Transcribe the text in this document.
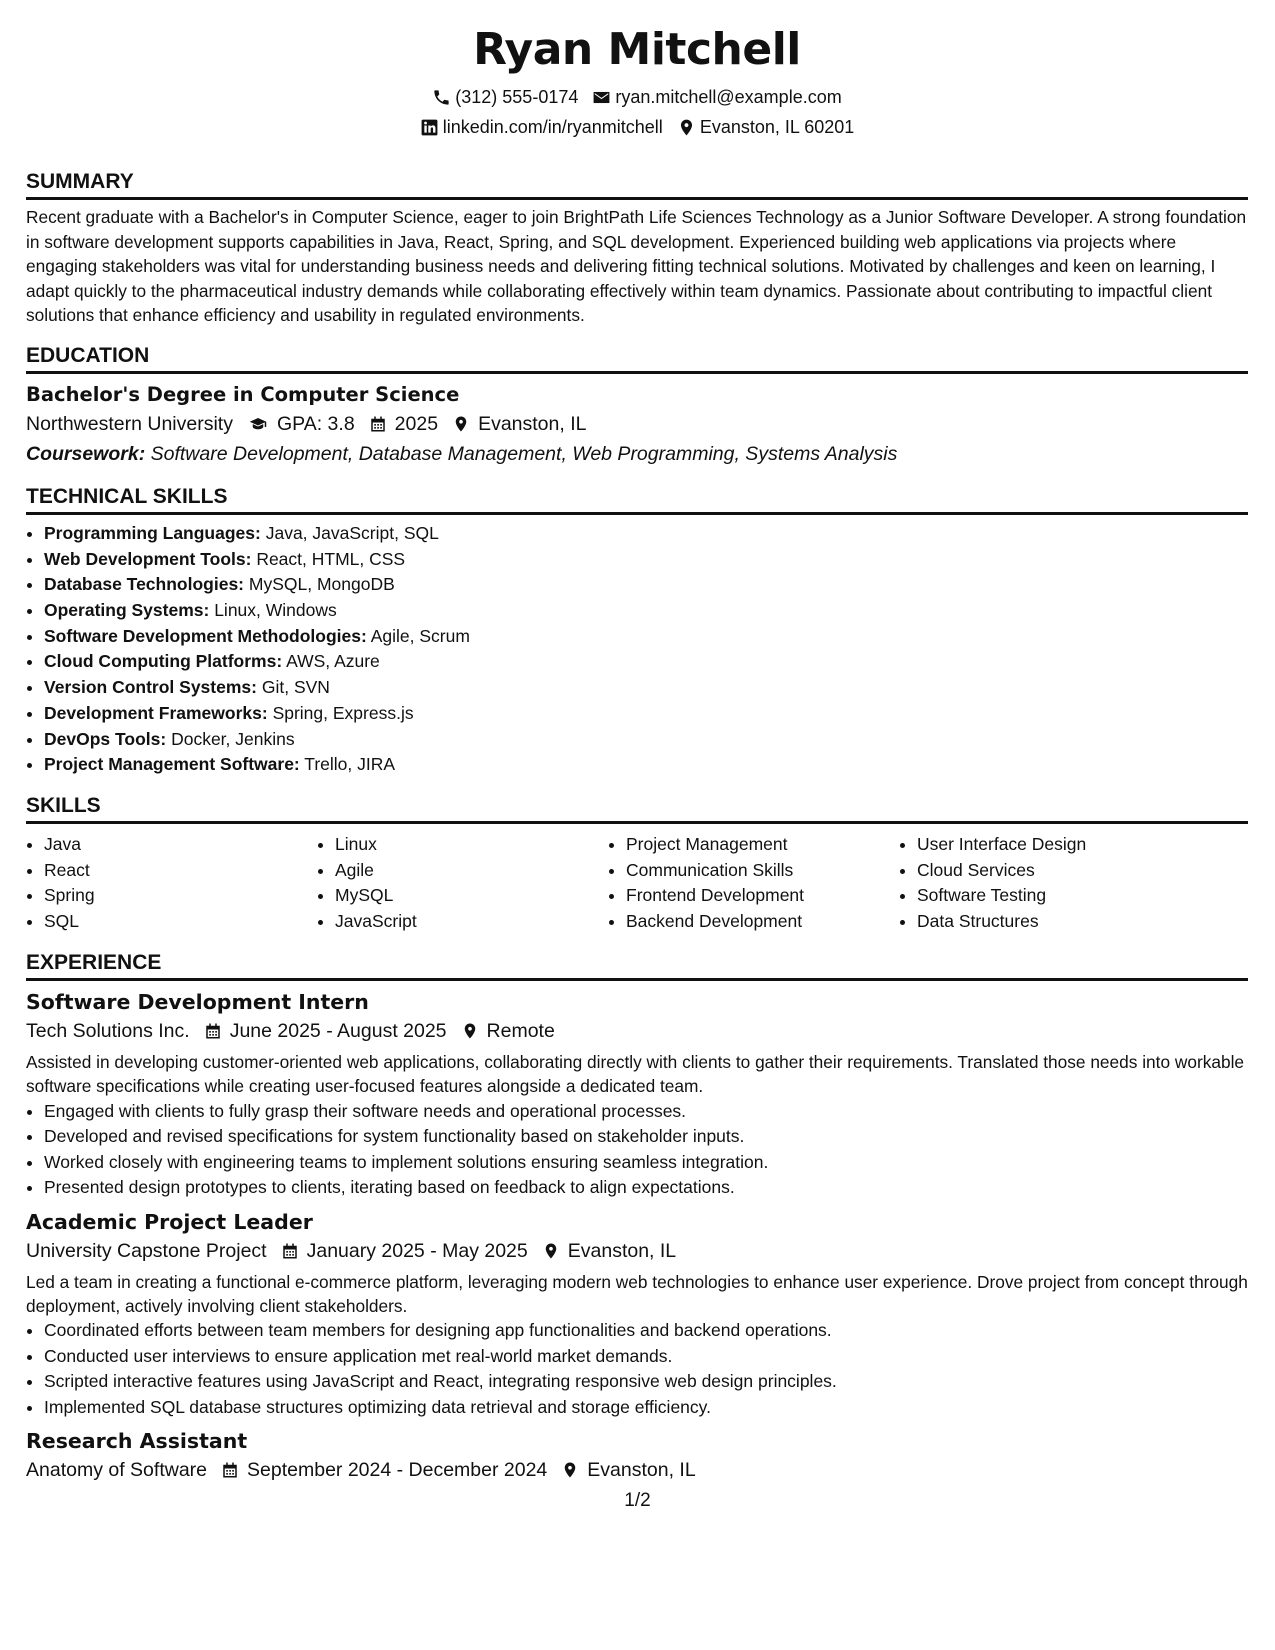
Ryan Mitchell
(312) 555-0174 ryan.mitchell@example.com
linkedin.com/in/ryanmitchell Evanston, IL 60201
SUMMARY
Recent graduate with a Bachelor's in Computer Science, eager to join BrightPath Life Sciences Technology as a Junior Software Developer. A strong foundation in software development supports capabilities in Java, React, Spring, and SQL development. Experienced building web applications via projects where engaging stakeholders was vital for understanding business needs and delivering fitting technical solutions. Motivated by challenges and keen on learning, I adapt quickly to the pharmaceutical industry demands while collaborating effectively within team dynamics. Passionate about contributing to impactful client solutions that enhance efficiency and usability in regulated environments.
EDUCATION
Bachelor's Degree in Computer Science
Northwestern University GPA: 3.8 2025 Evanston, IL
Coursework: Software Development, Database Management, Web Programming, Systems Analysis
TECHNICAL SKILLS
• Programming Languages: Java, JavaScript, SQL
• Web Development Tools: React, HTML, CSS
• Database Technologies: MySQL, MongoDB
• Operating Systems: Linux, Windows
• Software Development Methodologies: Agile, Scrum
• Cloud Computing Platforms: AWS, Azure
• Version Control Systems: Git, SVN
• Development Frameworks: Spring, Express.js
• DevOps Tools: Docker, Jenkins
• Project Management Software: Trello, JIRA
SKILLS
• Java
• React
• Spring
• SQL
• Linux
• Agile
• MySQL
• JavaScript
• Project Management
• Communication Skills
• Frontend Development
• Backend Development
• User Interface Design
• Cloud Services
• Software Testing
• Data Structures
EXPERIENCE
Software Development Intern
Tech Solutions Inc. June 2025 - August 2025 Remote
Assisted in developing customer-oriented web applications, collaborating directly with clients to gather their requirements. Translated those needs into workable software specifications while creating user-focused features alongside a dedicated team.
• Engaged with clients to fully grasp their software needs and operational processes.
• Developed and revised specifications for system functionality based on stakeholder inputs.
• Worked closely with engineering teams to implement solutions ensuring seamless integration.
• Presented design prototypes to clients, iterating based on feedback to align expectations.
Academic Project Leader
University Capstone Project January 2025 - May 2025 Evanston, IL
Led a team in creating a functional e-commerce platform, leveraging modern web technologies to enhance user experience. Drove project from concept through deployment, actively involving client stakeholders.
• Coordinated efforts between team members for designing app functionalities and backend operations.
• Conducted user interviews to ensure application met real-world market demands.
• Scripted interactive features using JavaScript and React, integrating responsive web design principles.
• Implemented SQL database structures optimizing data retrieval and storage efficiency.
Research Assistant
Anatomy of Software September 2024 - December 2024 Evanston, IL
1/2
